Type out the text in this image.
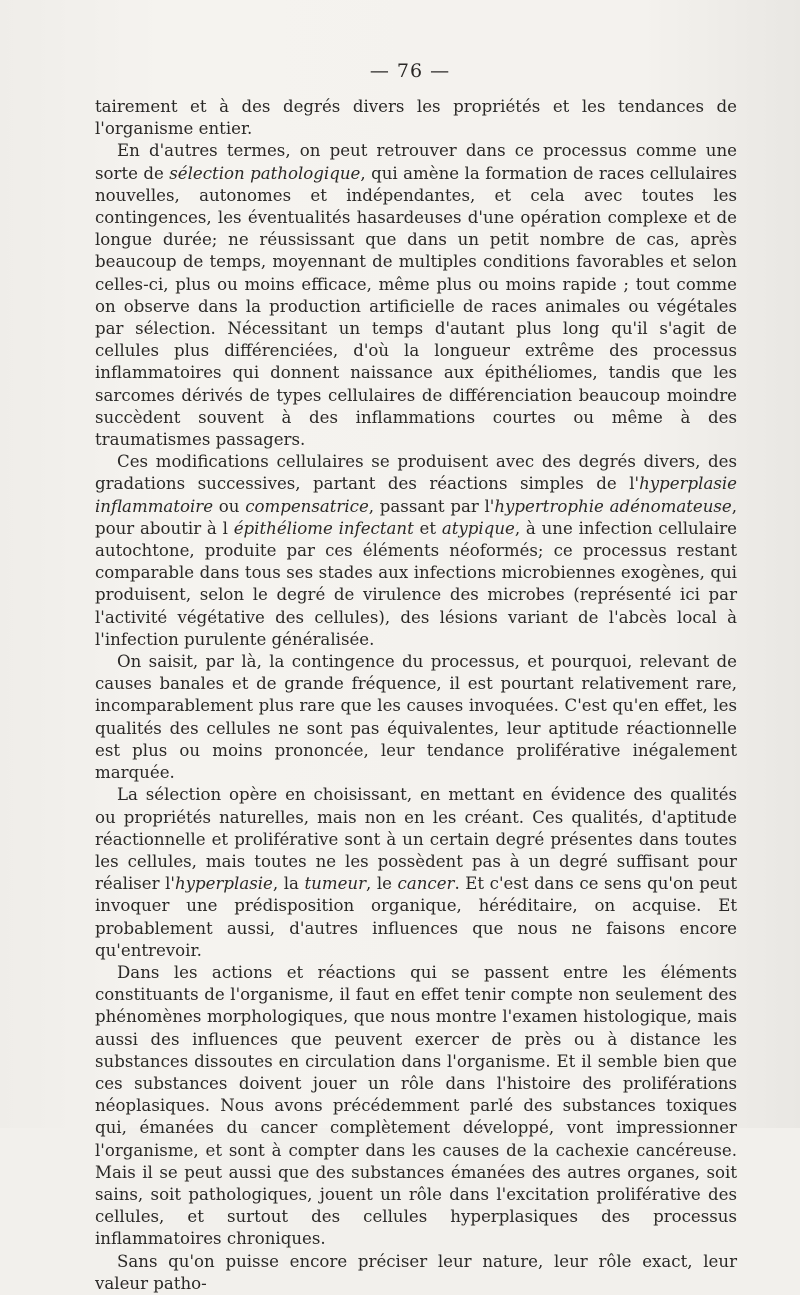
— 76 —

tairement et à des degrés divers les propriétés et les tendances de l'organisme entier.

En d'autres termes, on peut retrouver dans ce processus comme une sorte de sélection pathologique, qui amène la formation de races cellulaires nouvelles, autonomes et indépendantes, et cela avec toutes les contingences, les éventualités hasardeuses d'une opération complexe et de longue durée; ne réussissant que dans un petit nombre de cas, après beaucoup de temps, moyennant de multiples conditions favorables et selon celles-ci, plus ou moins efficace, même plus ou moins rapide ; tout comme on observe dans la production artificielle de races animales ou végétales par sélection. Nécessitant un temps d'autant plus long qu'il s'agit de cellules plus différenciées, d'où la longueur extrême des processus inflammatoires qui donnent naissance aux épithéliomes, tandis que les sarcomes dérivés de types cellulaires de différenciation beaucoup moindre succèdent souvent à des inflammations courtes ou même à des traumatismes passagers.

Ces modifications cellulaires se produisent avec des degrés divers, des gradations successives, partant des réactions simples de l'hyperplasie inflammatoire ou compensatrice, passant par l'hypertrophie adénomateuse, pour aboutir à l épithéliome infectant et atypique, à une infection cellulaire autochtone, produite par ces éléments néoformés; ce processus restant comparable dans tous ses stades aux infections microbiennes exogènes, qui produisent, selon le degré de virulence des microbes (représenté ici par l'activité végétative des cellules), des lésions variant de l'abcès local à l'infection purulente généralisée.

On saisit, par là, la contingence du processus, et pourquoi, relevant de causes banales et de grande fréquence, il est pourtant relativement rare, incomparablement plus rare que les causes invoquées. C'est qu'en effet, les qualités des cellules ne sont pas équivalentes, leur aptitude réactionnelle est plus ou moins prononcée, leur tendance proliférative inégalement marquée.

La sélection opère en choisissant, en mettant en évidence des qualités ou propriétés naturelles, mais non en les créant. Ces qualités, d'aptitude réactionnelle et proliférative sont à un certain degré présentes dans toutes les cellules, mais toutes ne les possèdent pas à un degré suffisant pour réaliser l'hyperplasie, la tumeur, le cancer. Et c'est dans ce sens qu'on peut invoquer une prédisposition organique, héréditaire, on acquise. Et probablement aussi, d'autres influences que nous ne faisons encore qu'entrevoir.

Dans les actions et réactions qui se passent entre les éléments constituants de l'organisme, il faut en effet tenir compte non seulement des phénomènes morphologiques, que nous montre l'examen histologique, mais aussi des influences que peuvent exercer de près ou à distance les substances dissoutes en circulation dans l'organisme. Et il semble bien que ces substances doivent jouer un rôle dans l'histoire des proliférations néoplasiques. Nous avons précédemment parlé des substances toxiques qui, émanées du cancer complètement développé, vont impressionner l'organisme, et sont à compter dans les causes de la cachexie cancéreuse. Mais il se peut aussi que des substances émanées des autres organes, soit sains, soit pathologiques, jouent un rôle dans l'excitation proliférative des cellules, et surtout des cellules hyperplasiques des processus inflammatoires chroniques.

Sans qu'on puisse encore préciser leur nature, leur rôle exact, leur valeur patho-
